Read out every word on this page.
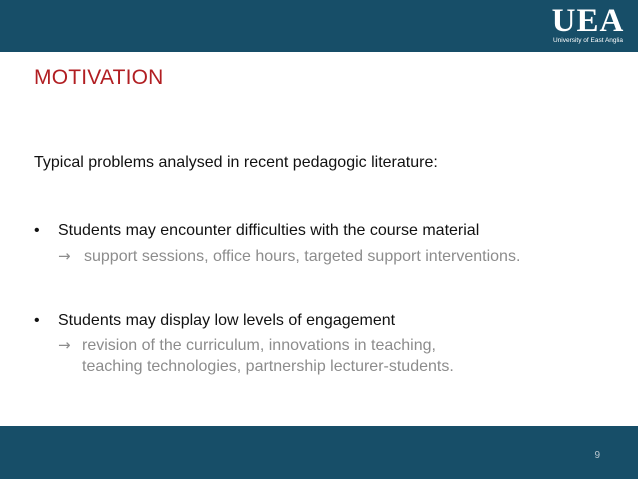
UEA
University of East Anglia
MOTIVATION
Typical problems analysed in recent pedagogic literature:
• Students may encounter difficulties with the course material
→ support sessions, office hours, targeted support interventions.
• Students may display low levels of engagement
→ revision of the curriculum, innovations in teaching,
teaching technologies, partnership lecturer-students.
9
